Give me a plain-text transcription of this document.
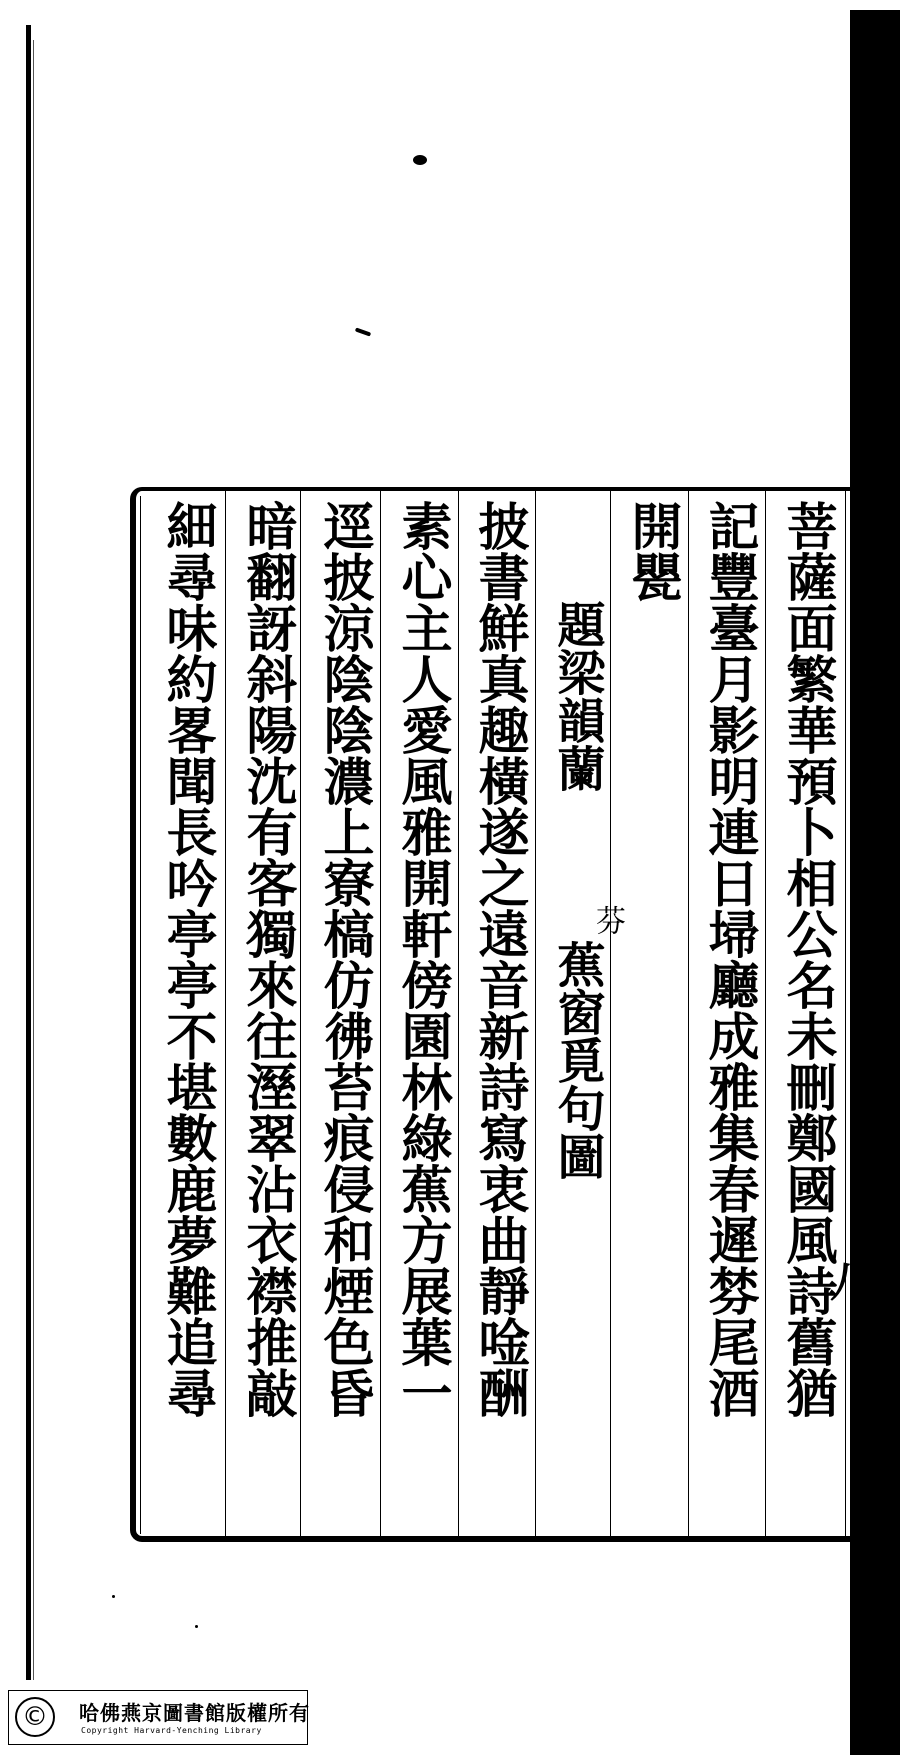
菩薩面繁華預卜相公名未刪鄭國風詩舊猶
記豐臺月影明連日埽廳成雅集春遲棼尾酒
開甖
題梁韻蘭
芬
蕉窗覓句圖
披書鮮真趣橫遂之遠音新詩寫衷曲靜唫酬
素心主人愛風雅開軒傍園林綠蕉方展葉一
逕披涼陰陰濃上寮槁仿彿苔痕侵和煙色昏
暗翻訝斜陽沈有客獨來往溼翠沾衣襟推敲
細尋味約畧聞長吟亭亭不堪數鹿夢難追尋	八
©	哈佛燕京圖書館版權所有
Copyright Harvard-Yenching Library
